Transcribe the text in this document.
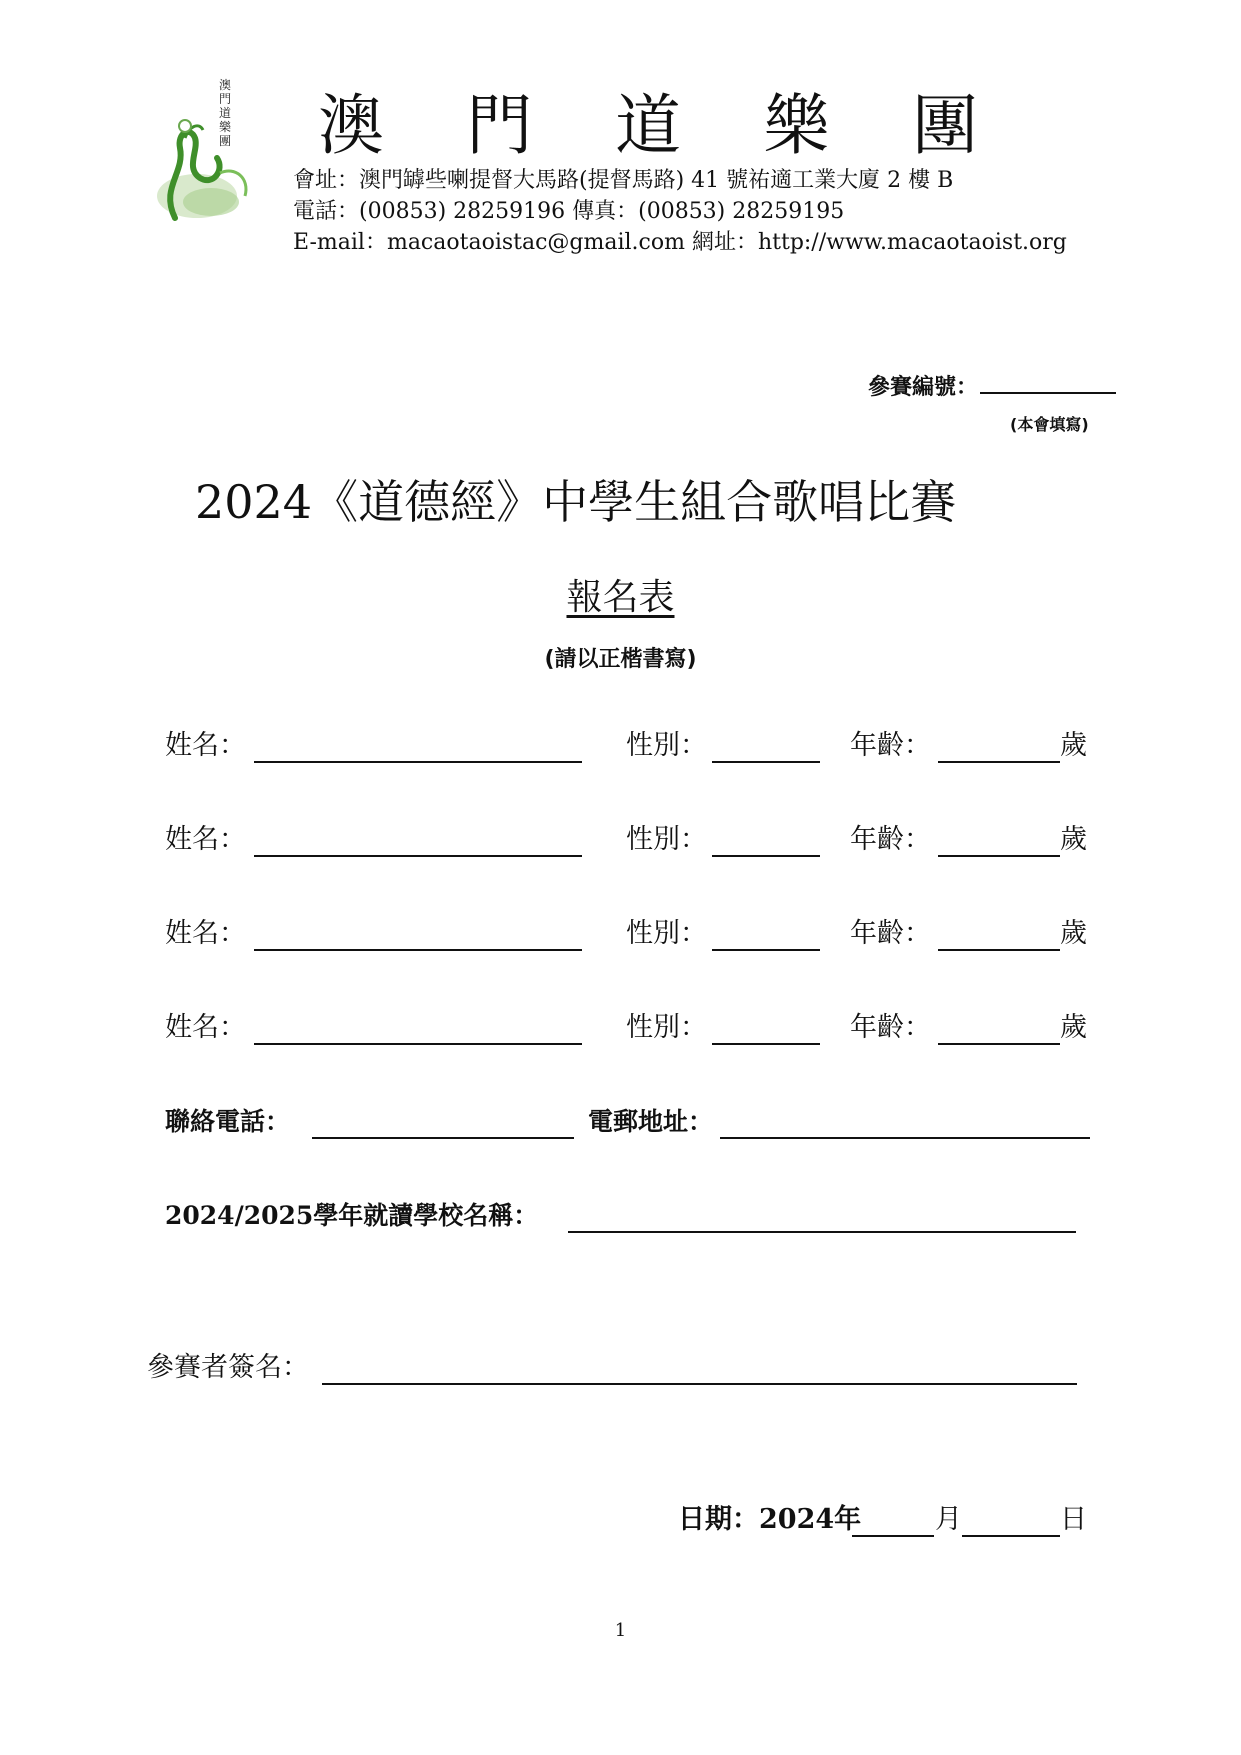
澳門道樂團 澳 門 道 樂 團
會址：澳門罅些喇提督大馬路(提督馬路) 41 號祐適工業大廈 2 樓 B
電話：(00853) 28259196 傳真：(00853) 28259195
E-mail：macaotaoistac@gmail.com 網址：http://www.macaotaoist.org
參賽編號：
(本會填寫)
2024《道德經》中學生組合歌唱比賽
報名表
(請以正楷書寫)
姓名：	性別：	年齡：	歲
姓名：	性別：	年齡：	歲
姓名：	性別：	年齡：	歲
姓名：	性別：	年齡：	歲
聯絡電話：	電郵地址：
2024/2025學年就讀學校名稱：
參賽者簽名：
日期：2024年	月	日
1
